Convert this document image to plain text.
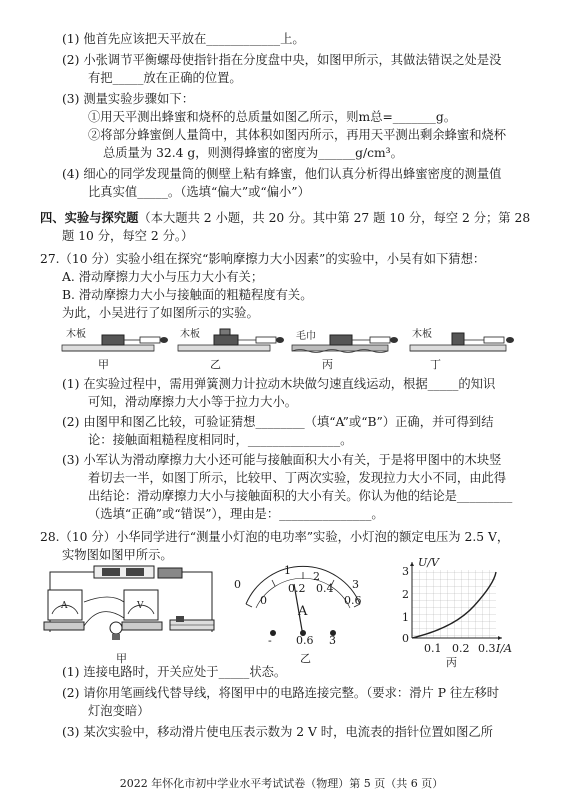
(1) 他首先应该把天平放在____________上。
(2) 小张调节平衡螺母使指针指在分度盘中央，如图甲所示，其做法错误之处是没
有把_____放在正确的位置。
(3) 测量实验步骤如下：
①用天平测出蜂蜜和烧杯的总质量如图乙所示，则m总=_______g。
②将部分蜂蜜倒人量筒中，其体积如图丙所示，再用天平测出剩余蜂蜜和烧杯
总质量为 32.4 g，则测得蜂蜜的密度为______g/cm³。
(4) 细心的同学发现量筒的侧壁上粘有蜂蜜，他们认真分析得出蜂蜜密度的测量值
比真实值_____。（选填“偏大”或“偏小”）
四、实验与探究题（本大题共 2 小题，共 20 分。其中第 27 题 10 分，每空 2 分；第 28
题 10 分，每空 2 分。）
27.（10 分）实验小组在探究“影响摩擦力大小因素”的实验中，小吴有如下猜想：
A. 滑动摩擦力大小与压力大小有关；
B. 滑动摩擦力大小与接触面的粗糙程度有关。
为此，小吴进行了如图所示的实验。
木板	木板	毛巾	木板
甲	乙	丙	丁
(1) 在实验过程中，需用弹簧测力计拉动木块做匀速直线运动，根据_____的知识
可知，滑动摩擦力大小等于拉力大小。
(2) 由图甲和图乙比较，可验证猜想________（填“A”或“B”）正确，并可得到结
论：接触面粗糙程度相同时，_______________。
(3) 小军认为滑动摩擦力大小还可能与接触面积大小有关，于是将甲图中的木块竖
着切去一半，如图丁所示，比较甲、丁两次实验，发现拉力大小不同，由此得
出结论：滑动摩擦力大小与接触面积的大小有关。你认为他的结论是_________
（选填“正确”或“错误”），理由是：_______________。
28.（10 分）小华同学进行“测量小灯泡的电功率”实验，小灯泡的额定电压为 2.5 V，
实物图如图甲所示。
A	V
甲
0
1 2
3
0
0.2 0.4
0.6
A
- 0.6 3
乙
U/V
3
2
1
0
0.1 0.2 0.3 I/A
丙
(1) 连接电路时，开关应处于_____状态。
(2) 请你用笔画线代替导线，将图甲中的电路连接完整。（要求：滑片 P 往左移时
灯泡变暗）
(3) 某次实验中，移动滑片使电压表示数为 2 V 时，电流表的指针位置如图乙所
2022 年怀化市初中学业水平考试试卷（物理）第 5 页（共 6 页）
